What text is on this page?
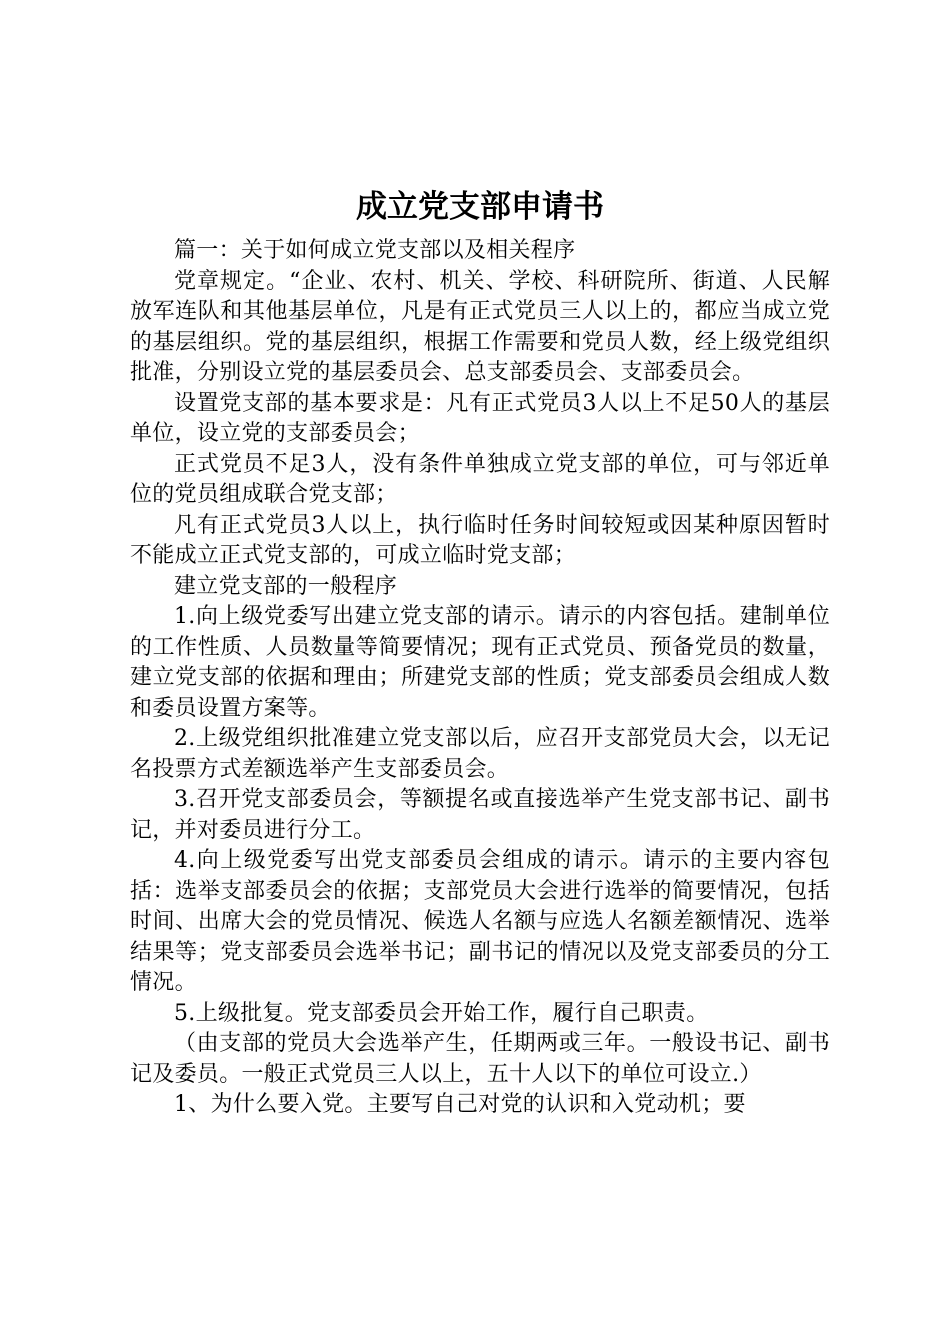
成立党支部申请书

篇一：关于如何成立党支部以及相关程序

党章规定。“企业、农村、机关、学校、科研院所、街道、人民解放军连队和其他基层单位，凡是有正式党员三人以上的，都应当成立党的基层组织。党的基层组织，根据工作需要和党员人数，经上级党组织批准，分别设立党的基层委员会、总支部委员会、支部委员会。

设置党支部的基本要求是：凡有正式党员3人以上不足50人的基层单位，设立党的支部委员会；

正式党员不足3人，没有条件单独成立党支部的单位，可与邻近单位的党员组成联合党支部；

凡有正式党员3人以上，执行临时任务时间较短或因某种原因暂时不能成立正式党支部的，可成立临时党支部；

建立党支部的一般程序

1.向上级党委写出建立党支部的请示。请示的内容包括。建制单位的工作性质、人员数量等简要情况；现有正式党员、预备党员的数量，建立党支部的依据和理由；所建党支部的性质；党支部委员会组成人数和委员设置方案等。

2.上级党组织批准建立党支部以后，应召开支部党员大会，以无记名投票方式差额选举产生支部委员会。

3.召开党支部委员会，等额提名或直接选举产生党支部书记、副书记，并对委员进行分工。

4.向上级党委写出党支部委员会组成的请示。请示的主要内容包括：选举支部委员会的依据；支部党员大会进行选举的简要情况，包括时间、出席大会的党员情况、候选人名额与应选人名额差额情况、选举结果等；党支部委员会选举书记；副书记的情况以及党支部委员的分工情况。

5.上级批复。党支部委员会开始工作，履行自己职责。

（由支部的党员大会选举产生，任期两或三年。一般设书记、副书记及委员。一般正式党员三人以上，五十人以下的单位可设立.）

1、为什么要入党。主要写自己对党的认识和入党动机；要
